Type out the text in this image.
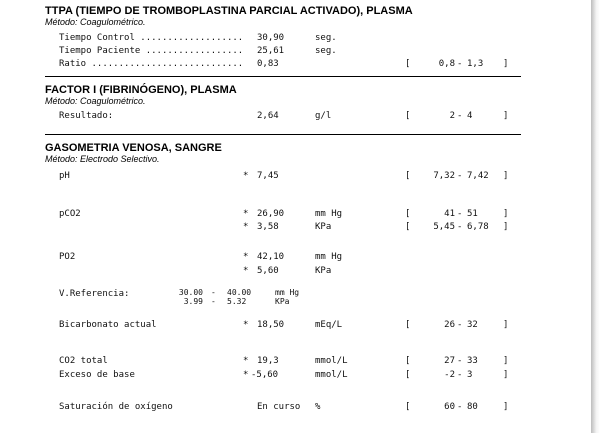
TTPA (TIEMPO DE TROMBOPLASTINA PARCIAL ACTIVADO), PLASMA
Método: Coagulométrico.
Tiempo Control ................... 30,90	seg.
Tiempo Paciente .................. 25,61	seg.
Ratio ............................ 0,83	[	0,8 - 1,3 ]
FACTOR I (FIBRINÓGENO), PLASMA
Método: Coagulométrico.
Resultado:	2,64	g/l	[	2 - 4	]
GASOMETRIA VENOSA, SANGRE
Método: Electrodo Selectivo.
pH	* 7,45	[	7,32 - 7,42 ]
pCO2	* 26,90	mm Hg	[	41 - 51	]
* 3,58	KPa	[	5,45 - 6,78 ]
PO2	* 42,10	mm Hg
* 5,60	KPa
V.Referencia:	30.00 - 40.00	mm Hg
3.99 - 5.32	KPa
Bicarbonato actual	* 18,50	mEq/L	[	26 - 32	]
CO2 total	* 19,3	mmol/L	[	27 - 33	]
Exceso de base	* -5,60	mmol/L	[	-2 - 3	]
Saturación de oxígeno	En curso %	[	60 - 80	]
